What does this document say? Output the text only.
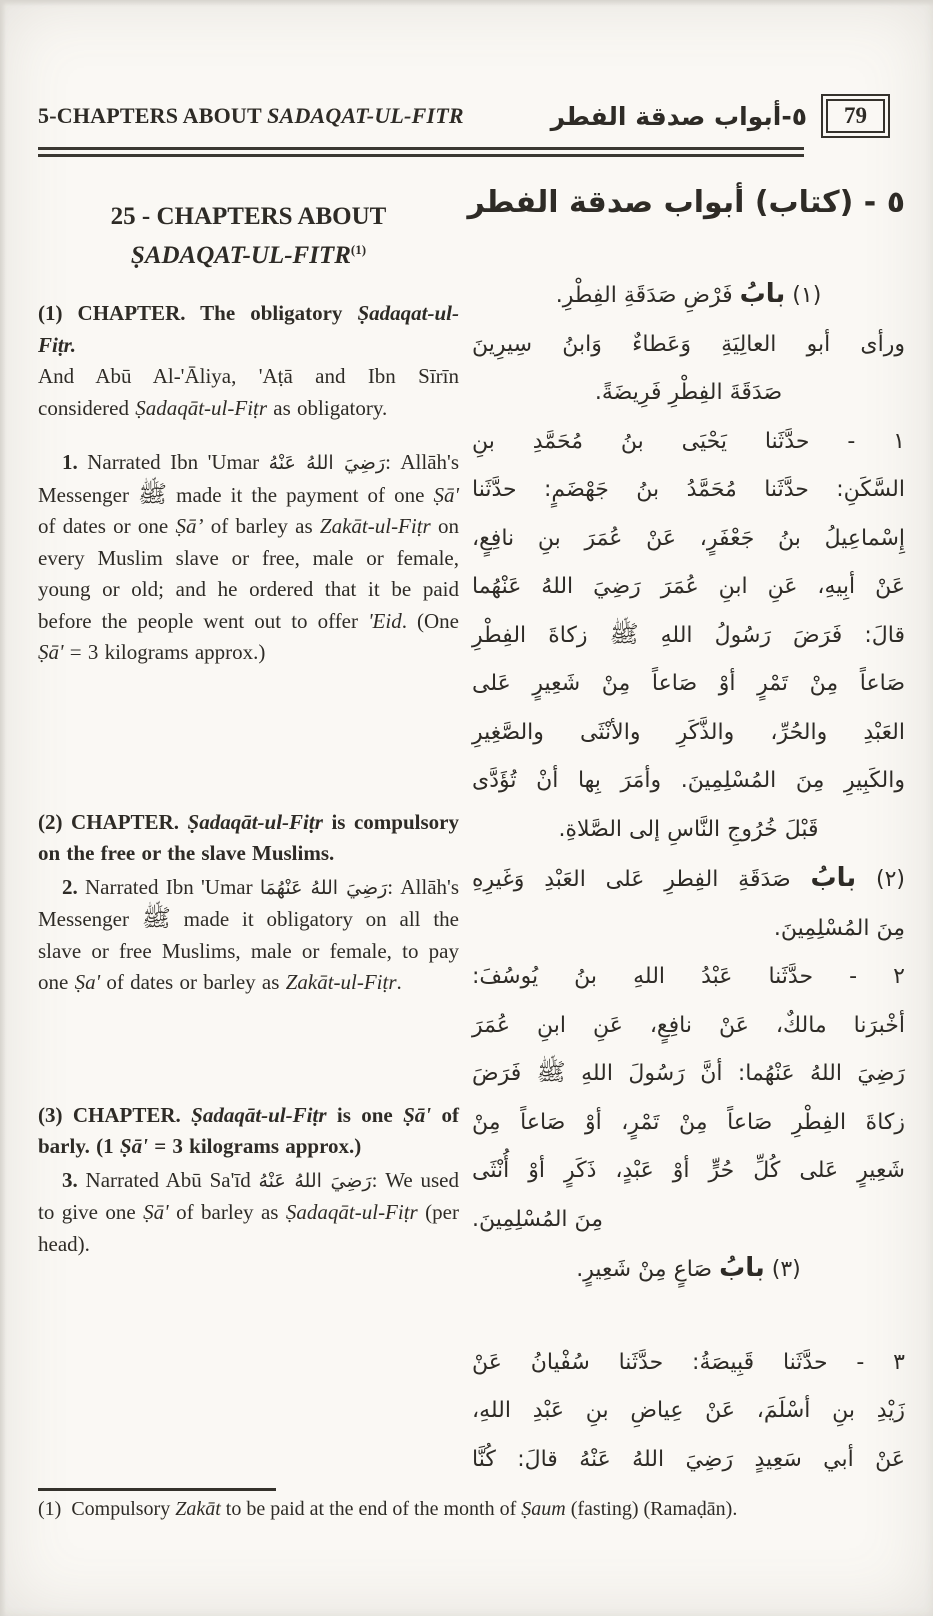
5-CHAPTERS ABOUT SADAQAT-UL-FITR	٥-أبواب صدقة الفطر	79
25 - CHAPTERS ABOUT
ṢADAQAT-UL-FITR$^{(1)}$

(1) CHAPTER. The obligatory Ṣadaqat-ul-Fiṭr.

And Abū Al-'Āliya, 'Aṭā and Ibn Sīrīn considered Ṣadaqāt-ul-Fiṭr as obligatory.

1. Narrated Ibn 'Umar رَضِيَ اللهُ عَنْهُ: Allāh's Messenger ﷺ made it the payment of one Ṣā' of dates or one Ṣā’ of barley as Zakāt-ul-Fiṭr on every Muslim slave or free, male or female, young or old; and he ordered that it be paid before the people went out to offer 'Eid. (One Ṣā' = 3 kilograms approx.)

(2) CHAPTER. Ṣadaqāt-ul-Fiṭr is compulsory on the free or the slave Muslims.

2. Narrated Ibn 'Umar رَضِيَ اللهُ عَنْهُمَا: Allāh's Messenger ﷺ made it obligatory on all the slave or free Muslims, male or female, to pay one Ṣa' of dates or barley as Zakāt-ul-Fiṭr.

(3) CHAPTER. Ṣadaqāt-ul-Fiṭr is one Ṣā' of barly. (1 Ṣā' = 3 kilograms approx.)

3. Narrated Abū Sa'īd رَضِيَ اللهُ عَنْهُ: We used to give one Ṣā' of barley as Ṣadaqāt-ul-Fiṭr (per head).

٥ - (كتاب) أبواب صدقة الفطر
(١) بابُ فَرْضِ صَدَقَةِ الفِطْرِ.
ورأى أبو العالِيَةِ وَعَطاءٌ وَابنُ سِيرِينَ
صَدَقَةَ الفِطْرِ فَرِيضَةً.
١ - حدَّثَنا يَحْيَى بنُ مُحَمَّدِ بنِ
السَّكَنِ: حدَّثَنا مُحَمَّدُ بنُ جَهْضَمٍ: حدَّثَنا
إِسْماعِيلُ بنُ جَعْفَرٍ، عَنْ عُمَرَ بنِ نافِعٍ،
عَنْ أبِيهِ، عَنِ ابنِ عُمَرَ رَضِيَ اللهُ عَنْهُما
قالَ: فَرَضَ رَسُولُ اللهِ ﷺ زكاةَ الفِطْرِ
صَاعاً مِنْ تَمْرٍ أوْ صَاعاً مِنْ شَعِيرٍ عَلى
العَبْدِ والحُرِّ، والذَّكَرِ والأنْثَى والصَّغِيرِ
والكَبِيرِ مِنَ المُسْلِمِينَ. وأمَرَ بِها أنْ تُؤَدَّى
قَبْلَ خُرُوجِ النَّاسِ إلى الصَّلاةِ.
(٢) بابُ صَدَقَةِ الفِطرِ عَلى العَبْدِ وَغَيرِهِ
مِنَ المُسْلِمِينَ.
٢ - حدَّثَنا عَبْدُ اللهِ بنُ يُوسُفَ:
أخْبرَنا مالكٌ، عَنْ نافِعٍ، عَنِ ابنِ عُمَرَ
رَضِيَ اللهُ عَنْهُما: أنَّ رَسُولَ اللهِ ﷺ فَرَضَ
زكاةَ الفِطْرِ صَاعاً مِنْ تَمْرٍ، أوْ صَاعاً مِنْ
شَعِيرٍ عَلى كُلِّ حُرٍّ أوْ عَبْدٍ، ذَكَرٍ أوْ أُنْثَى
مِنَ المُسْلِمِينَ.
(٣) بابُ صَاعٍ مِنْ شَعِيرٍ.
٣ - حدَّثَنا قَبِيصَةُ: حدَّثَنا سُفْيانُ عَنْ
زَيْدِ بنِ أسْلَمَ، عَنْ عِياضِ بنِ عَبْدِ اللهِ،
عَنْ أبي سَعِيدٍ رَضِيَ اللهُ عَنْهُ قالَ: كُنَّا

(1)  Compulsory Zakāt to be paid at the end of the month of Ṣaum (fasting) (Ramaḍān).
